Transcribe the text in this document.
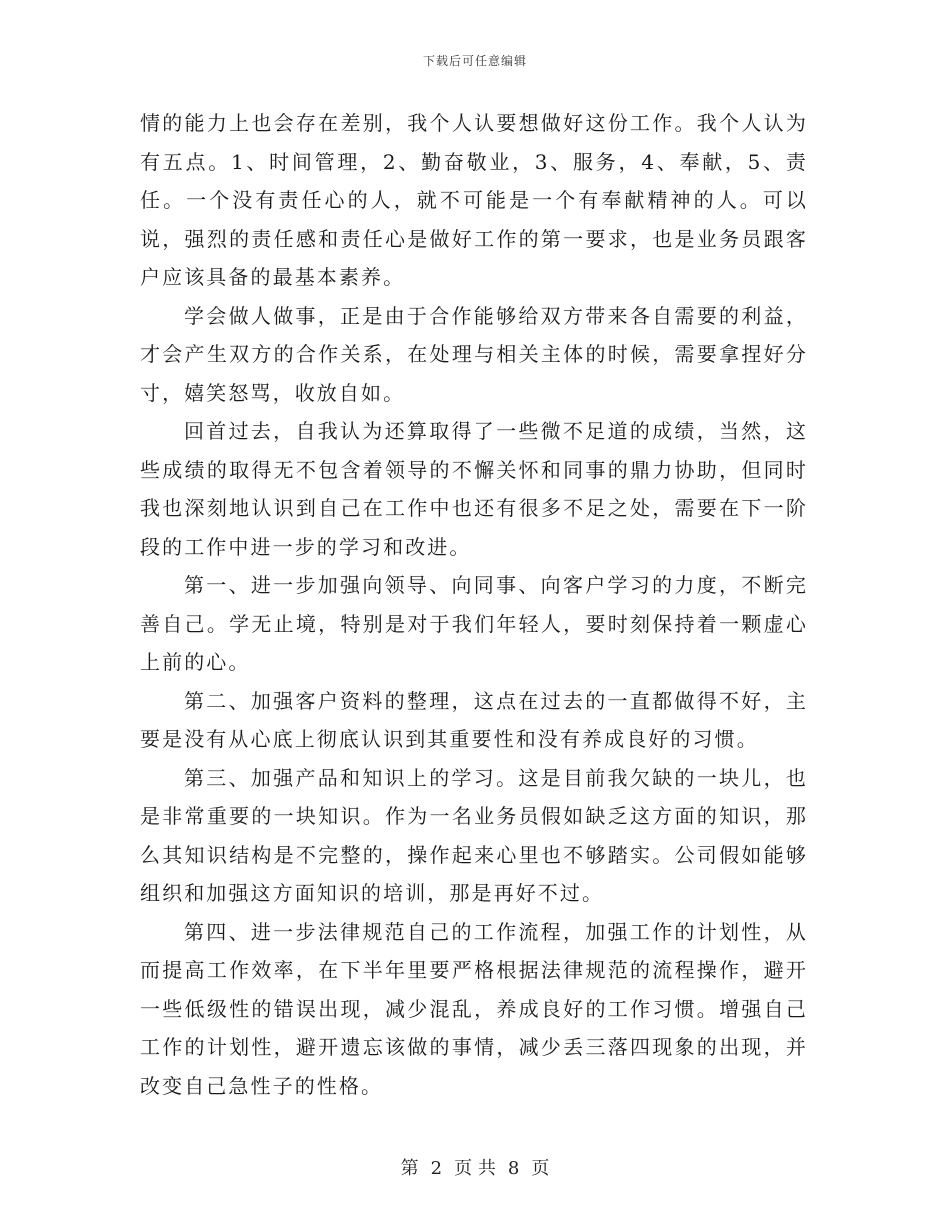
下载后可任意编辑

情的能力上也会存在差别，我个人认要想做好这份工作。我个人认为有五点。1、时间管理，2、勤奋敬业，3、服务，4、奉献，5、责任。一个没有责任心的人，就不可能是一个有奉献精神的人。可以说，强烈的责任感和责任心是做好工作的第一要求，也是业务员跟客户应该具备的最基本素养。

学会做人做事，正是由于合作能够给双方带来各自需要的利益，才会产生双方的合作关系，在处理与相关主体的时候，需要拿捏好分寸，嬉笑怒骂，收放自如。

回首过去，自我认为还算取得了一些微不足道的成绩，当然，这些成绩的取得无不包含着领导的不懈关怀和同事的鼎力协助，但同时我也深刻地认识到自己在工作中也还有很多不足之处，需要在下一阶段的工作中进一步的学习和改进。

第一、进一步加强向领导、向同事、向客户学习的力度，不断完善自己。学无止境，特别是对于我们年轻人，要时刻保持着一颗虚心上前的心。

第二、加强客户资料的整理，这点在过去的一直都做得不好，主要是没有从心底上彻底认识到其重要性和没有养成良好的习惯。

第三、加强产品和知识上的学习。这是目前我欠缺的一块儿，也是非常重要的一块知识。作为一名业务员假如缺乏这方面的知识，那么其知识结构是不完整的，操作起来心里也不够踏实。公司假如能够组织和加强这方面知识的培训，那是再好不过。

第四、进一步法律规范自己的工作流程，加强工作的计划性，从而提高工作效率，在下半年里要严格根据法律规范的流程操作，避开一些低级性的错误出现，减少混乱，养成良好的工作习惯。增强自己工作的计划性，避开遗忘该做的事情，减少丢三落四现象的出现，并改变自己急性子的性格。

第 2 页 共 8 页
